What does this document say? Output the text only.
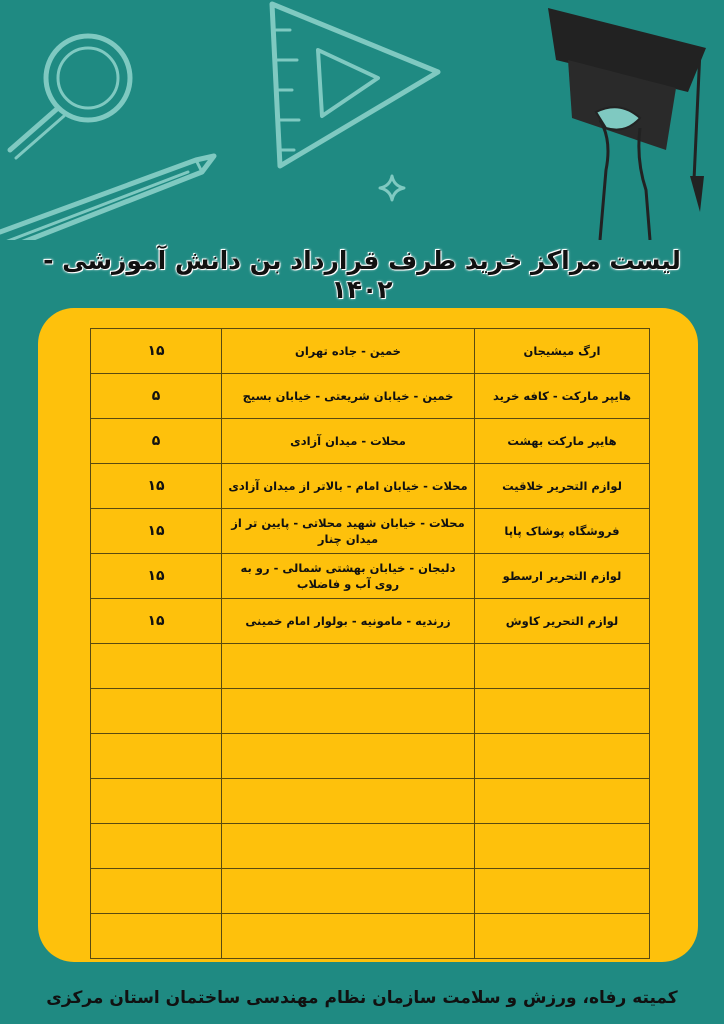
لیست مراکز خرید طرف قرارداد بن دانش آموزشی - ۱۴۰۲
ارگ میشیجان	خمین - جاده تهران	۱۵
هایپر مارکت - کافه خرید	خمین - خیابان شریعتی - خیابان بسیج	۵
هایپر مارکت بهشت	محلات - میدان آزادی	۵
لوازم التحریر خلاقیت	محلات - خیابان امام - بالاتر از میدان آزادی	۱۵
فروشگاه پوشاک پاپا	محلات - خیابان شهید محلاتی - پایین تر از میدان چنار	۱۵
لوازم التحریر ارسطو	دلیجان - خیابان بهشتی شمالی - رو به روی آب و فاضلاب	۱۵
لوازم التحریر کاوش	زرندیه - مامونیه - بولوار امام خمینی	۱۵

کمیته رفاه، ورزش و سلامت سازمان نظام مهندسی ساختمان استان مرکزی
